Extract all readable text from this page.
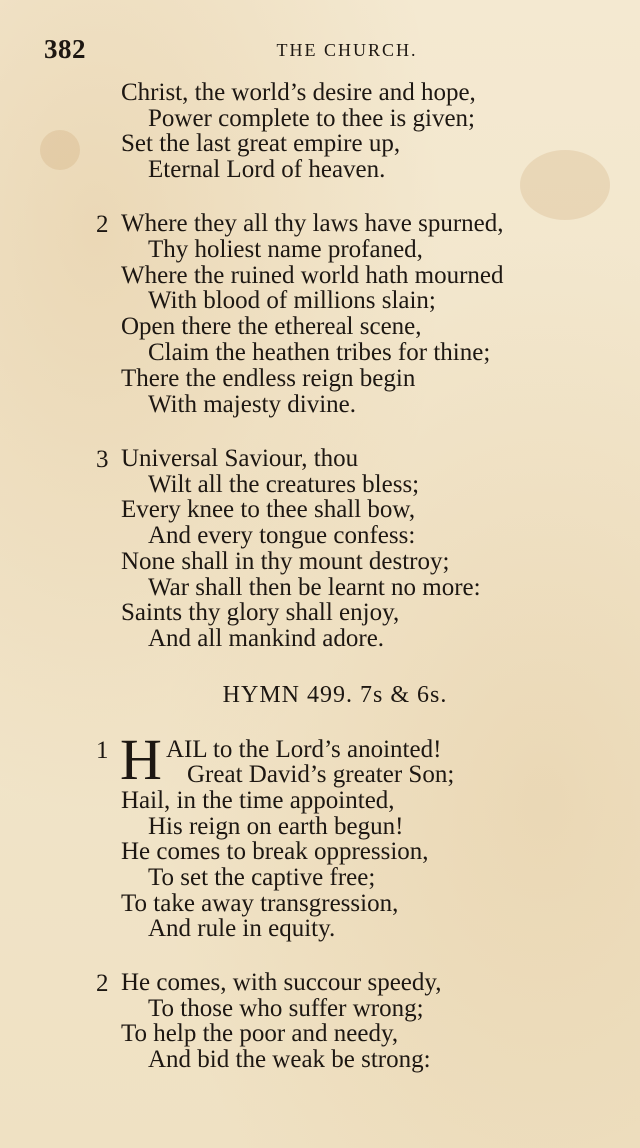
382	THE CHURCH.
Christ, the world’s desire and hope,
Power complete to thee is given;
Set the last great empire up,
Eternal Lord of heaven.
2 Where they all thy laws have spurned,
Thy holiest name profaned,
Where the ruined world hath mourned
With blood of millions slain;
Open there the ethereal scene,
Claim the heathen tribes for thine;
There the endless reign begin
With majesty divine.
3 Universal Saviour, thou
Wilt all the creatures bless;
Every knee to thee shall bow,
And every tongue confess:
None shall in thy mount destroy;
War shall then be learnt no more:
Saints thy glory shall enjoy,
And all mankind adore.
HYMN 499. 7s & 6s.
1 H AIL to the Lord’s anointed!
Great David’s greater Son;
Hail, in the time appointed,
His reign on earth begun!
He comes to break oppression,
To set the captive free;
To take away transgression,
And rule in equity.
2 He comes, with succour speedy,
To those who suffer wrong;
To help the poor and needy,
And bid the weak be strong:
